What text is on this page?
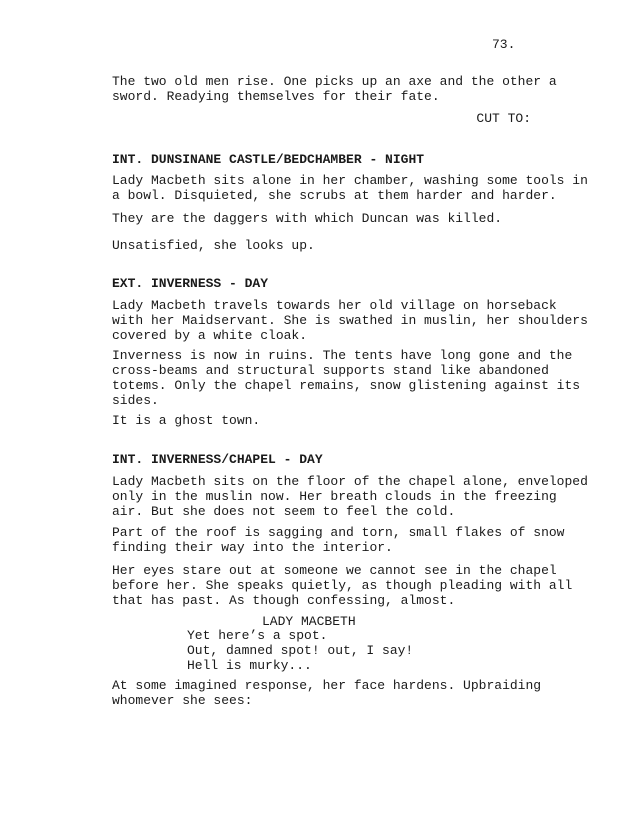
73.
The two old men rise. One picks up an axe and the other a
sword. Readying themselves for their fate.
CUT TO:
INT. DUNSINANE CASTLE/BEDCHAMBER - NIGHT
Lady Macbeth sits alone in her chamber, washing some tools in
a bowl. Disquieted, she scrubs at them harder and harder.
They are the daggers with which Duncan was killed.
Unsatisfied, she looks up.
EXT. INVERNESS - DAY
Lady Macbeth travels towards her old village on horseback
with her Maidservant. She is swathed in muslin, her shoulders
covered by a white cloak.
Inverness is now in ruins. The tents have long gone and the
cross-beams and structural supports stand like abandoned
totems. Only the chapel remains, snow glistening against its
sides.
It is a ghost town.
INT. INVERNESS/CHAPEL - DAY
Lady Macbeth sits on the floor of the chapel alone, enveloped
only in the muslin now. Her breath clouds in the freezing
air. But she does not seem to feel the cold.
Part of the roof is sagging and torn, small flakes of snow
finding their way into the interior.
Her eyes stare out at someone we cannot see in the chapel
before her. She speaks quietly, as though pleading with all
that has past. As though confessing, almost.
LADY MACBETH
Yet here’s a spot.
Out, damned spot! out, I say!
Hell is murky...
At some imagined response, her face hardens. Upbraiding
whomever she sees:
